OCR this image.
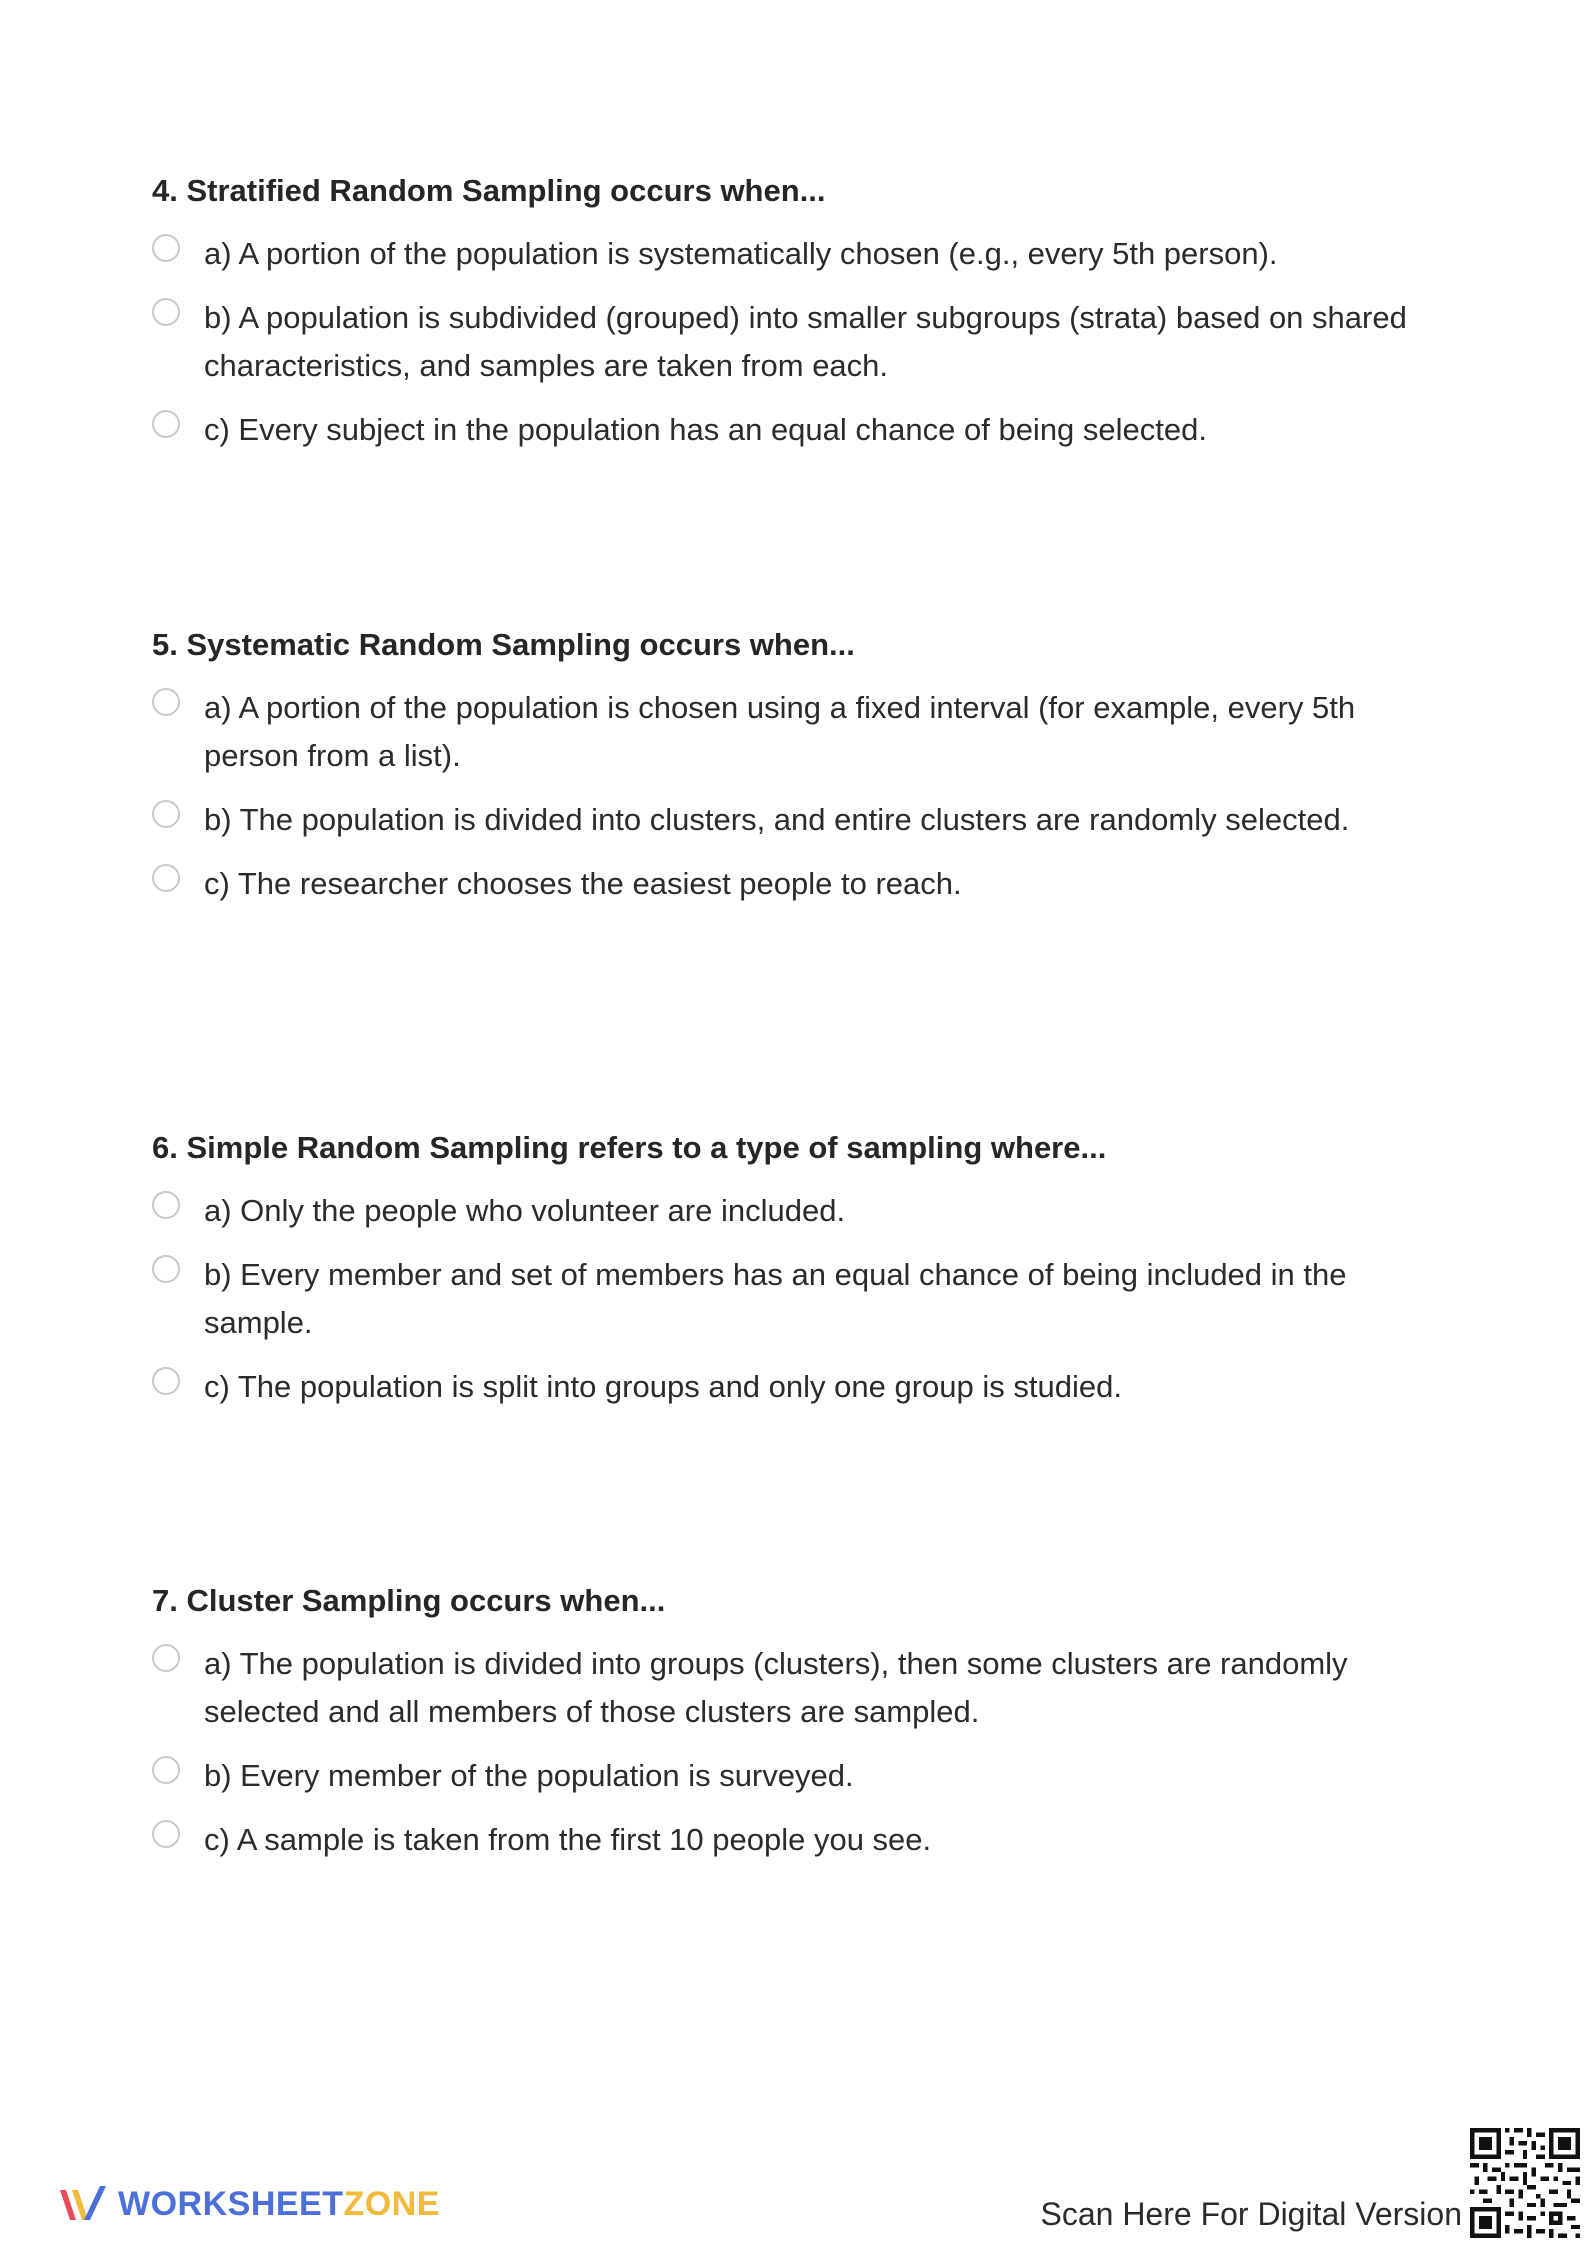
4. Stratified Random Sampling occurs when...
a) A portion of the population is systematically chosen (e.g., every 5th person).
b) A population is subdivided (grouped) into smaller subgroups (strata) based on shared characteristics, and samples are taken from each.
c) Every subject in the population has an equal chance of being selected.
5. Systematic Random Sampling occurs when...
a) A portion of the population is chosen using a fixed interval (for example, every 5th person from a list).
b) The population is divided into clusters, and entire clusters are randomly selected.
c) The researcher chooses the easiest people to reach.
6. Simple Random Sampling refers to a type of sampling where...
a) Only the people who volunteer are included.
b) Every member and set of members has an equal chance of being included in the sample.
c) The population is split into groups and only one group is studied.
7. Cluster Sampling occurs when...
a) The population is divided into groups (clusters), then some clusters are randomly selected and all members of those clusters are sampled.
b) Every member of the population is surveyed.
c) A sample is taken from the first 10 people you see.
WORKSHEETZONE	Scan Here For Digital Version
